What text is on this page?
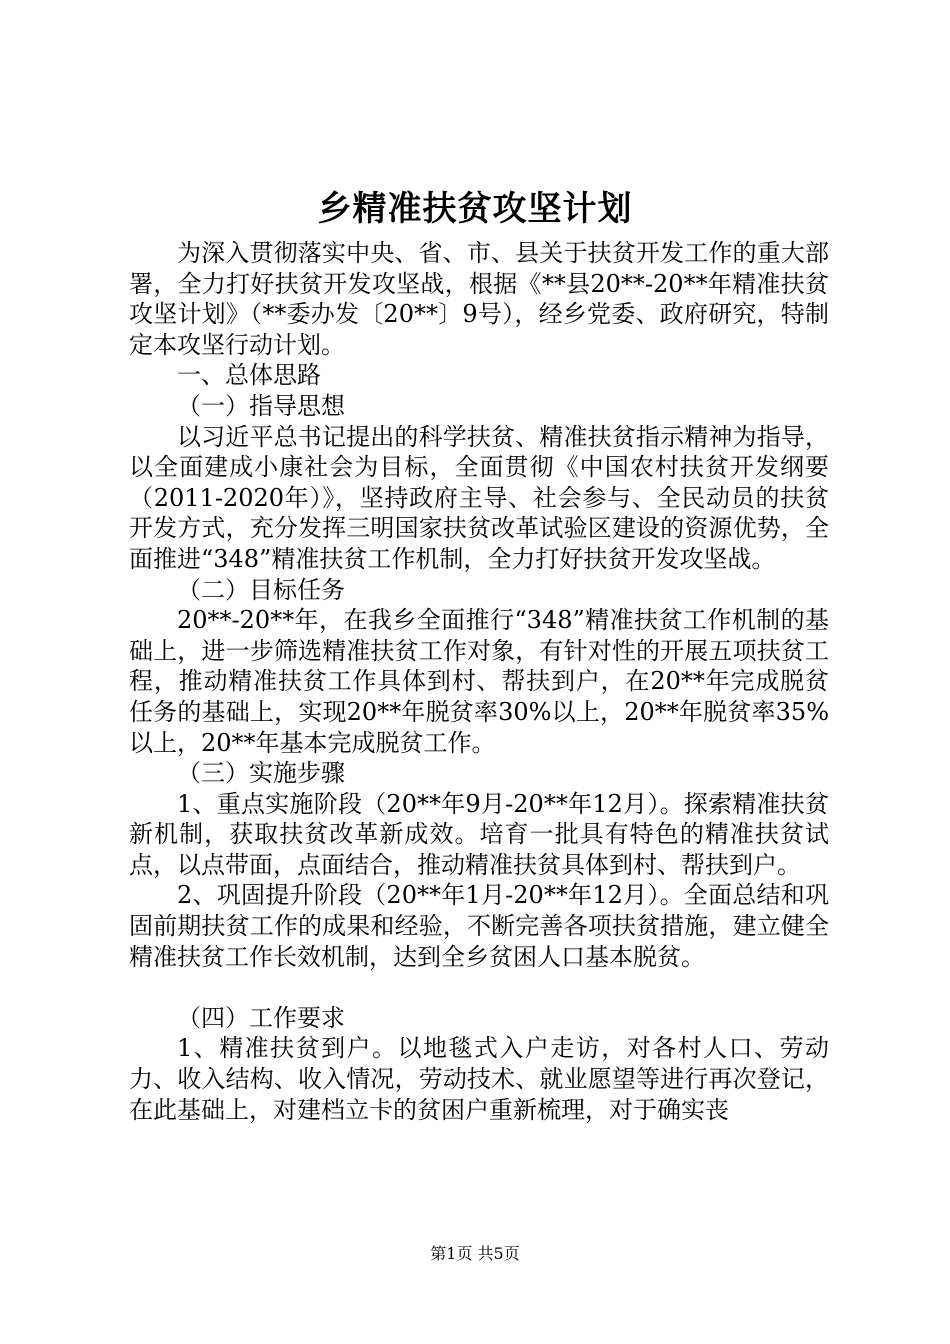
乡精准扶贫攻坚计划

为深入贯彻落实中央、省、市、县关于扶贫开发工作的重大部署，全力打好扶贫开发攻坚战，根据《**县20**-20**年精准扶贫攻坚计划》（**委办发〔20**〕9号），经乡党委、政府研究，特制定本攻坚行动计划。

一、总体思路

（一）指导思想

以习近平总书记提出的科学扶贫、精准扶贫指示精神为指导，以全面建成小康社会为目标，全面贯彻《中国农村扶贫开发纲要（2011-2020年）》，坚持政府主导、社会参与、全民动员的扶贫开发方式，充分发挥三明国家扶贫改革试验区建设的资源优势，全面推进“348”精准扶贫工作机制，全力打好扶贫开发攻坚战。

（二）目标任务

20**-20**年，在我乡全面推行“348”精准扶贫工作机制的基础上，进一步筛选精准扶贫工作对象，有针对性的开展五项扶贫工程，推动精准扶贫工作具体到村、帮扶到户，在20**年完成脱贫任务的基础上，实现20**年脱贫率30%以上，20**年脱贫率35%以上，20**年基本完成脱贫工作。

（三）实施步骤

1、重点实施阶段（20**年9月-20**年12月）。探索精准扶贫新机制，获取扶贫改革新成效。培育一批具有特色的精准扶贫试点，以点带面，点面结合，推动精准扶贫具体到村、帮扶到户。

2、巩固提升阶段（20**年1月-20**年12月）。全面总结和巩固前期扶贫工作的成果和经验，不断完善各项扶贫措施，建立健全精准扶贫工作长效机制，达到全乡贫困人口基本脱贫。

（四）工作要求

1、精准扶贫到户。以地毯式入户走访，对各村人口、劳动力、收入结构、收入情况，劳动技术、就业愿望等进行再次登记，在此基础上，对建档立卡的贫困户重新梳理，对于确实丧

第1页 共5页
